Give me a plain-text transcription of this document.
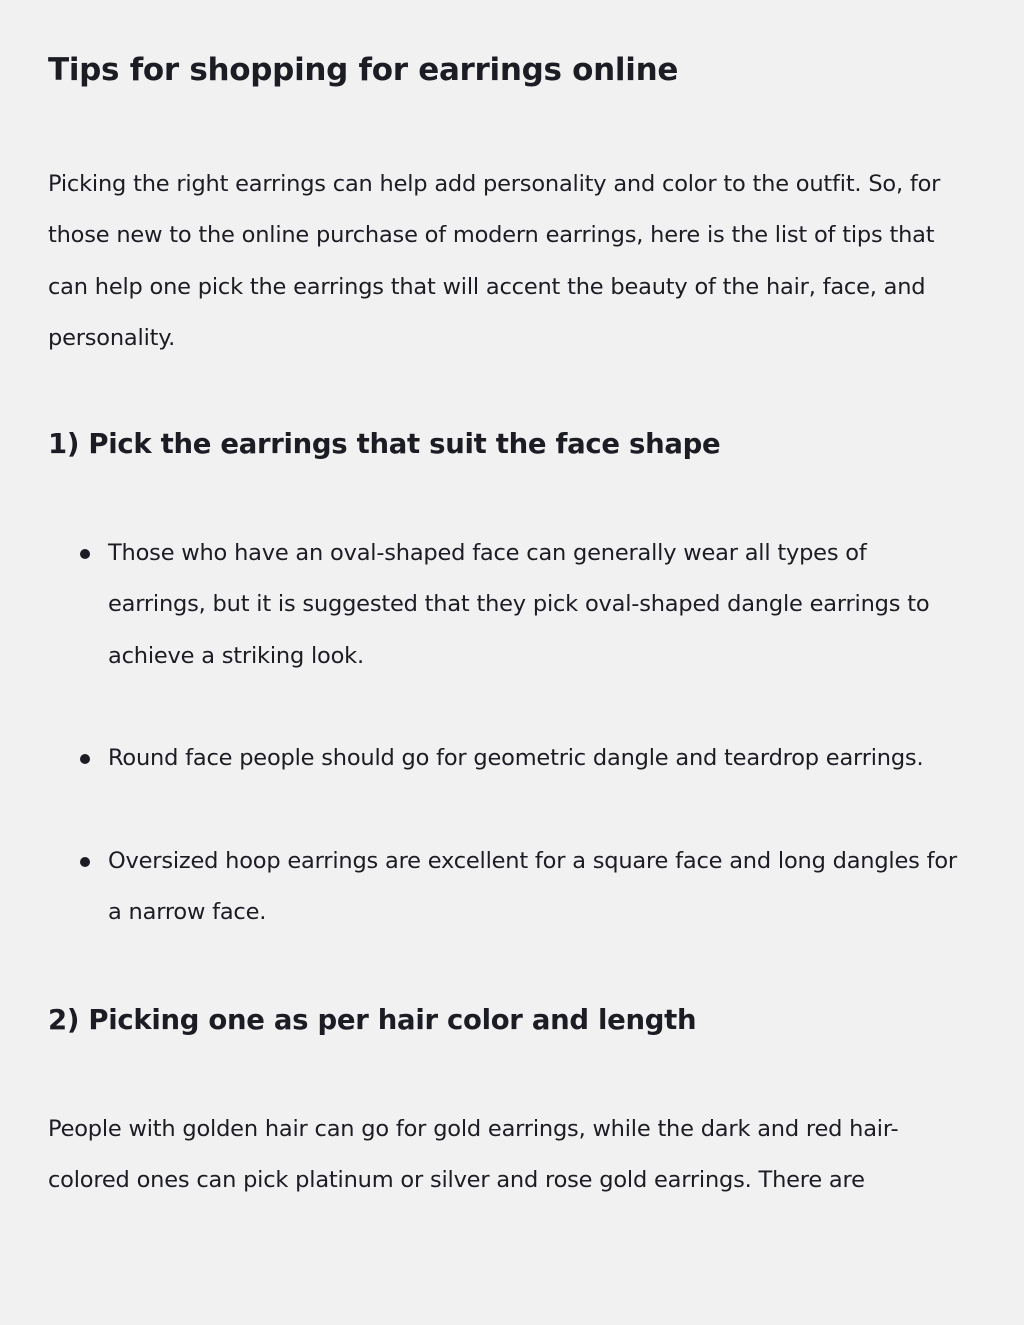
Tips for shopping for earrings online

Picking the right earrings can help add personality and color to the outfit. So, for those new to the online purchase of modern earrings, here is the list of tips that can help one pick the earrings that will accent the beauty of the hair, face, and personality.

1) Pick the earrings that suit the face shape
Those who have an oval-shaped face can generally wear all types of earrings, but it is suggested that they pick oval-shaped dangle earrings to achieve a striking look.
Round face people should go for geometric dangle and teardrop earrings.
Oversized hoop earrings are excellent for a square face and long dangles for a narrow face.
2) Picking one as per hair color and length

People with golden hair can go for gold earrings, while the dark and red hair-colored ones can pick platinum or silver and rose gold earrings. There are
